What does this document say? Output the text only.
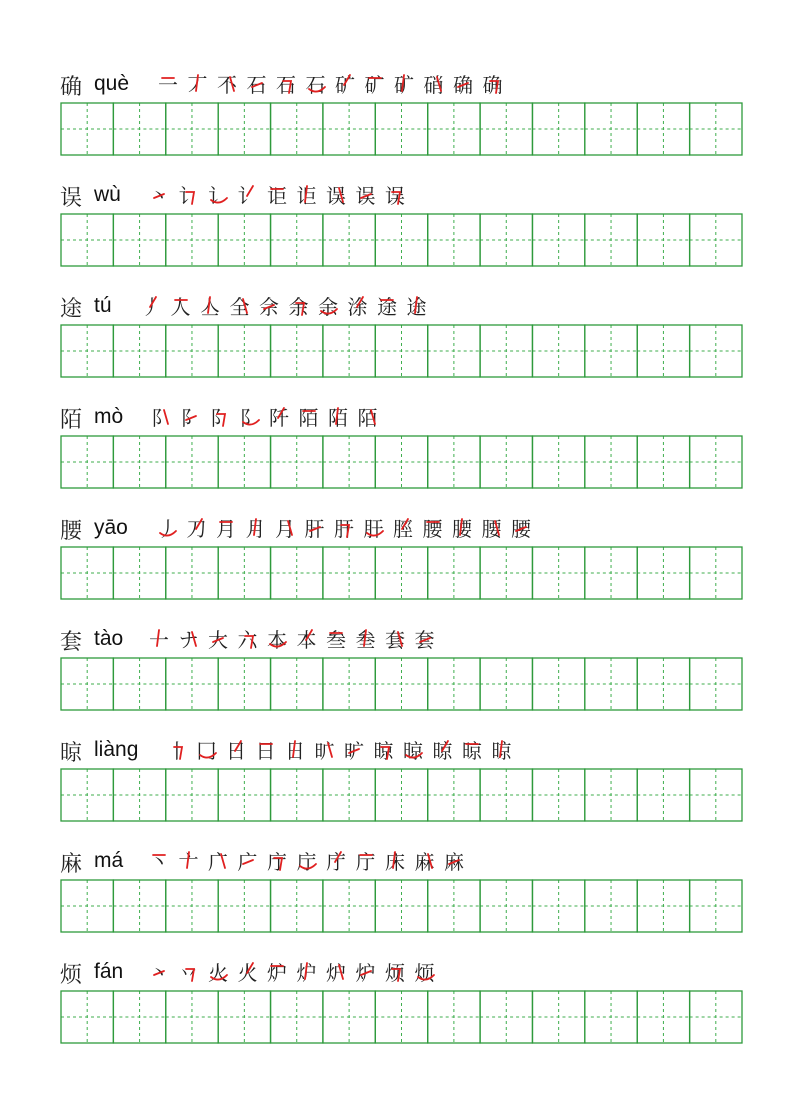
确 què 一 丆 不 石 石 石 矿 矿 矿 硝 确 确
误 wù 丶 讠 讠 讠 讵 讵 误 误 误
途 tú 丿 人 亼 全 佘 余 余 涂 途 途
陌 mò 阝 阝 阝 阝 阡 陌 陌 陌
腰 yāo 丿 刀 月 月 月 肝 肝 肝 脛 腰 腰 腰 腰
套 tào 一 ナ 大 六 本 本 叁 叁 套 套
晾 liàng 丨 冂 日 日 日 旷 旷 晾 晾 晾 晾 晾
麻 má 丶 亠 广 广 庁 庁 庁 庁 床 麻 麻
烦 fán 丶 丷 火 火 炉 炉 炉 炉 烦 烦
